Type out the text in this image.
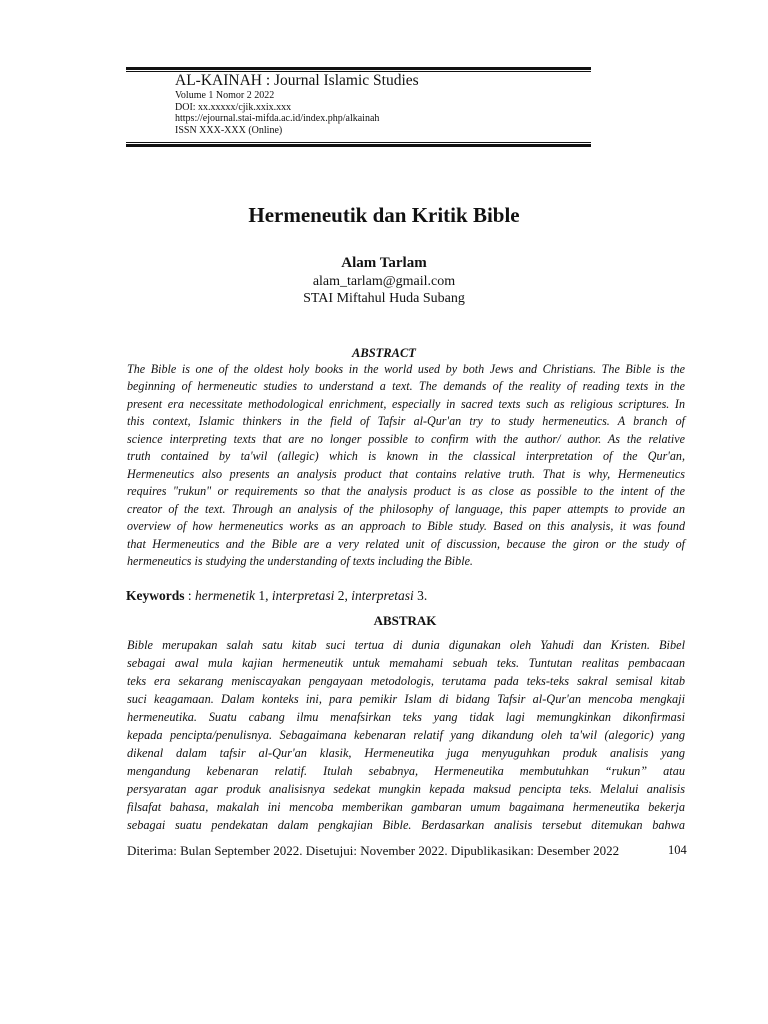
AL-KAINAH : Journal Islamic Studies
Volume 1 Nomor 2 2022
DOI: xx.xxxxx/cjik.xxix.xxx
https://ejournal.stai-mifda.ac.id/index.php/alkainah
ISSN XXX-XXX (Online)
Hermeneutik dan Kritik Bible
Alam Tarlam
alam_tarlam@gmail.com
STAI Miftahul Huda Subang
ABSTRACT
The Bible is one of the oldest holy books in the world used by both Jews and Christians. The Bible is the
beginning of hermeneutic studies to understand a text. The demands of the reality of reading texts in the
present era necessitate methodological enrichment, especially in sacred texts such as religious scriptures. In
this context, Islamic thinkers in the field of Tafsir al-Qur'an try to study hermeneutics. A branch of
science interpreting texts that are no longer possible to confirm with the author/ author. As the relative
truth contained by ta'wil (allegic) which is known in the classical interpretation of the Qur'an,
Hermeneutics also presents an analysis product that contains relative truth. That is why, Hermeneutics
requires "rukun" or requirements so that the analysis product is as close as possible to the intent of the
creator of the text. Through an analysis of the philosophy of language, this paper attempts to provide an
overview of how hermeneutics works as an approach to Bible study. Based on this analysis, it was found
that Hermeneutics and the Bible are a very related unit of discussion, because the giron or the study of
hermeneutics is studying the understanding of texts including the Bible.
Keywords : hermenetik 1, interpretasi 2, interpretasi 3.
ABSTRAK
Bible merupakan salah satu kitab suci tertua di dunia digunakan oleh Yahudi dan Kristen. Bibel
sebagai awal mula kajian hermeneutik untuk memahami sebuah teks. Tuntutan realitas pembacaan
teks era sekarang meniscayakan pengayaan metodologis, terutama pada teks-teks sakral semisal kitab
suci keagamaan. Dalam konteks ini, para pemikir Islam di bidang Tafsir al-Qur'an mencoba mengkaji
hermeneutika. Suatu cabang ilmu menafsirkan teks yang tidak lagi memungkinkan dikonfirmasi
kepada pencipta/penulisnya. Sebagaimana kebenaran relatif yang dikandung oleh ta'wil (alegoric) yang
dikenal dalam tafsir al-Qur'an klasik, Hermeneutika juga menyuguhkan produk analisis yang
mengandung kebenaran relatif. Itulah sebabnya, Hermeneutika membutuhkan “rukun” atau
persyaratan agar produk analisisnya sedekat mungkin kepada maksud pencipta teks. Melalui analisis
filsafat bahasa, makalah ini mencoba memberikan gambaran umum bagaimana hermeneutika bekerja
sebagai suatu pendekatan dalam pengkajian Bible. Berdasarkan analisis tersebut ditemukan bahwa
Diterima: Bulan September 2022. Disetujui: November 2022. Dipublikasikan: Desember 2022	104
